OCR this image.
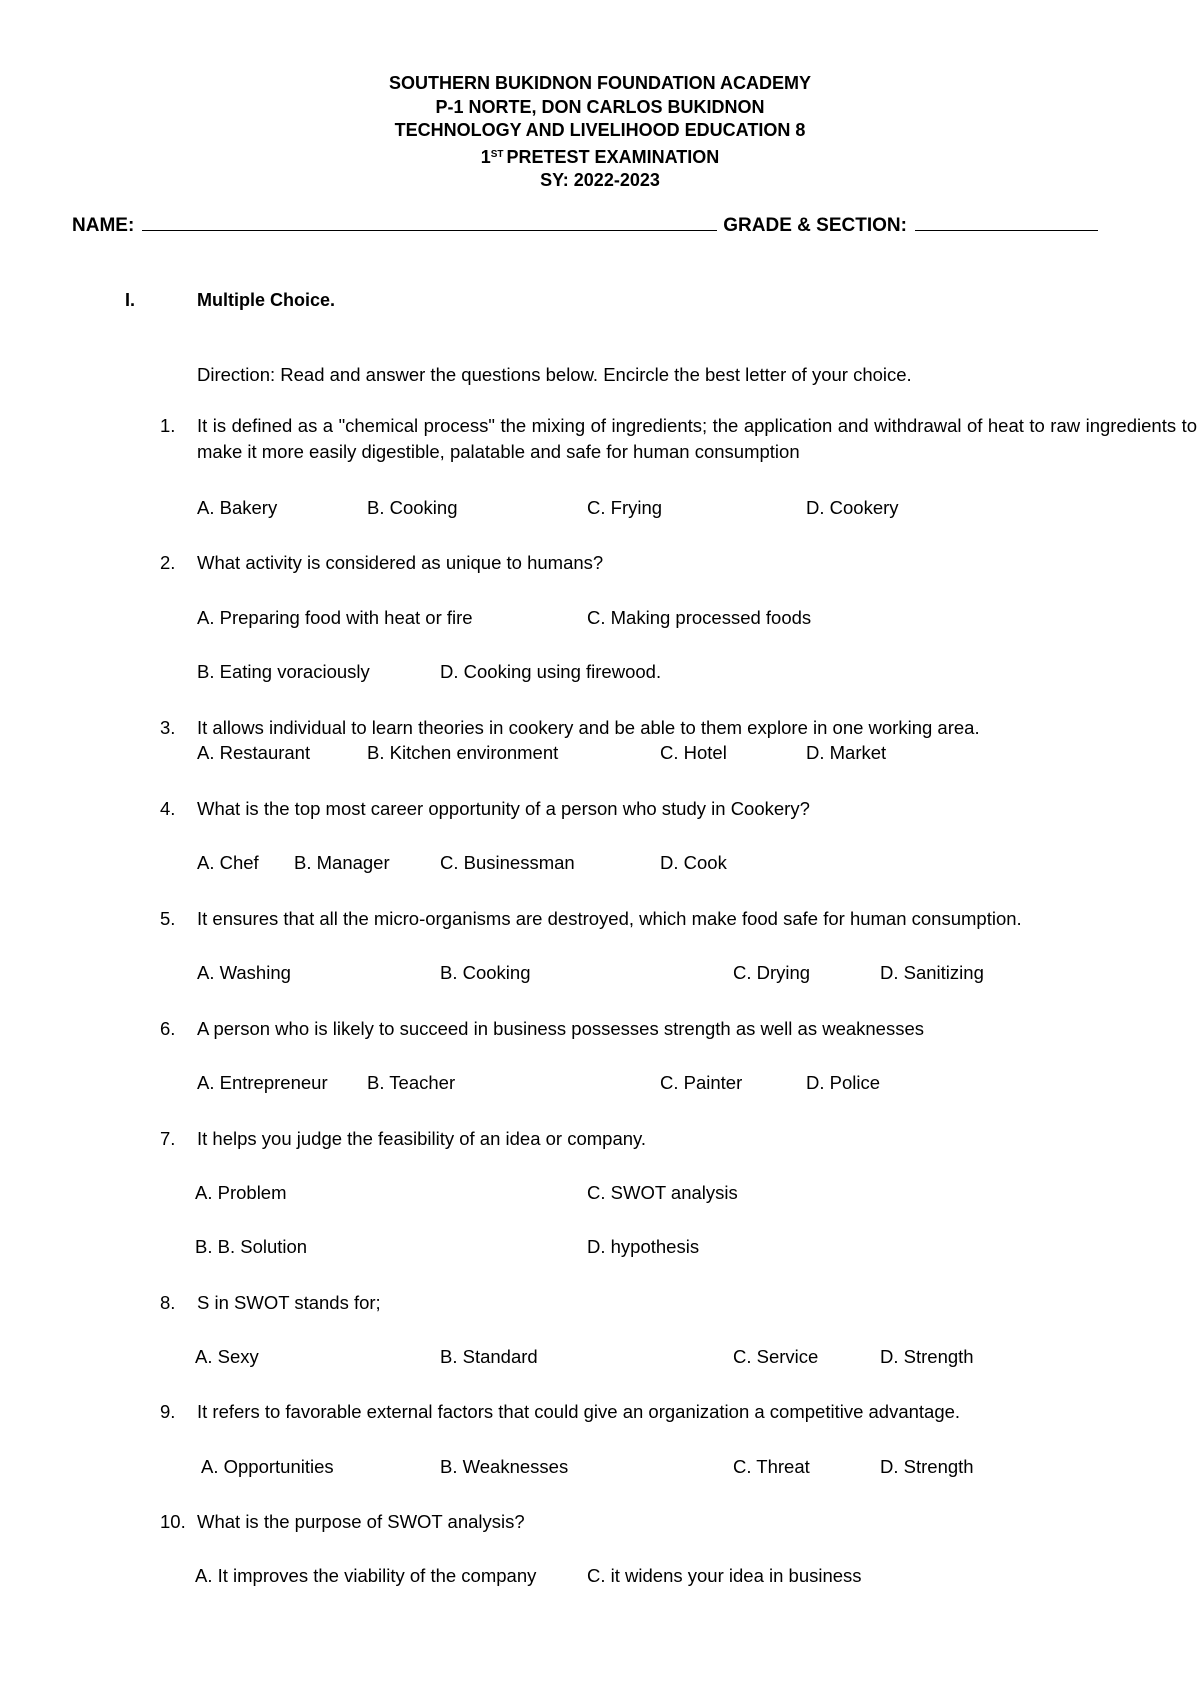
SOUTHERN BUKIDNON FOUNDATION ACADEMY
P-1 NORTE, DON CARLOS BUKIDNON
TECHNOLOGY AND LIVELIHOOD EDUCATION 8
1ST PRETEST EXAMINATION
SY: 2022-2023
NAME:	GRADE & SECTION:
I.	Multiple Choice.
Direction: Read and answer the questions below. Encircle the best letter of your choice.
1.	It is defined as a "chemical process" the mixing of ingredients; the application and withdrawal of heat to raw ingredients to make it more easily digestible, palatable and safe for human consumption
A. Bakery	B. Cooking	C. Frying	D. Cookery
2.	What activity is considered as unique to humans?
A. Preparing food with heat or fire	C. Making processed foods
B. Eating voraciously	D. Cooking using firewood.
3.	It allows individual to learn theories in cookery and be able to them explore in one working area.
A. Restaurant	B. Kitchen environment	C. Hotel	D. Market
4.	What is the top most career opportunity of a person who study in Cookery?
A. Chef B. Manager	C. Businessman	D. Cook
5.	It ensures that all the micro-organisms are destroyed, which make food safe for human consumption.
A. Washing	B. Cooking	C. Drying	D. Sanitizing
6.	A person who is likely to succeed in business possesses strength as well as weaknesses
A. Entrepreneur B. Teacher	C. Painter	D. Police
7.	It helps you judge the feasibility of an idea or company.
A. Problem	C. SWOT analysis
B. B. Solution	D. hypothesis
8.	S in SWOT stands for;
A. Sexy	B. Standard	C. Service	D. Strength
9.	It refers to favorable external factors that could give an organization a competitive advantage.
A. Opportunities	B. Weaknesses	C. Threat	D. Strength
10. What is the purpose of SWOT analysis?
A. It improves the viability of the company	C. it widens your idea in business
